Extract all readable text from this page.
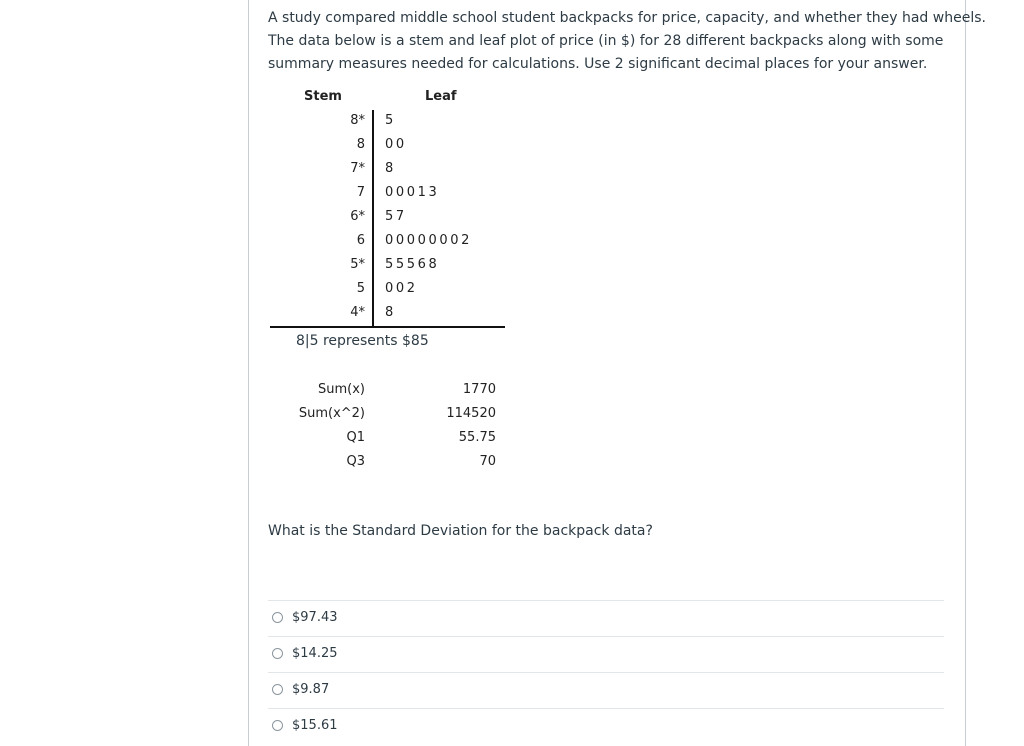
A study compared middle school student backpacks for price, capacity, and whether they had wheels.
The data below is a stem and leaf plot of price (in $) for 28 different backpacks along with some
summary measures needed for calculations. Use 2 significant decimal places for your answer.
Stem	Leaf
8* 5
8 00
7* 8
7 00013
6* 57
6 00000002
5* 55568
5 002
4* 8
8|5 represents $85
Sum(x)	1770
Sum(x^2)	114520
Q1	55.75
Q3	70
What is the Standard Deviation for the backpack data?
$97.43
$14.25
$9.87
$15.61
